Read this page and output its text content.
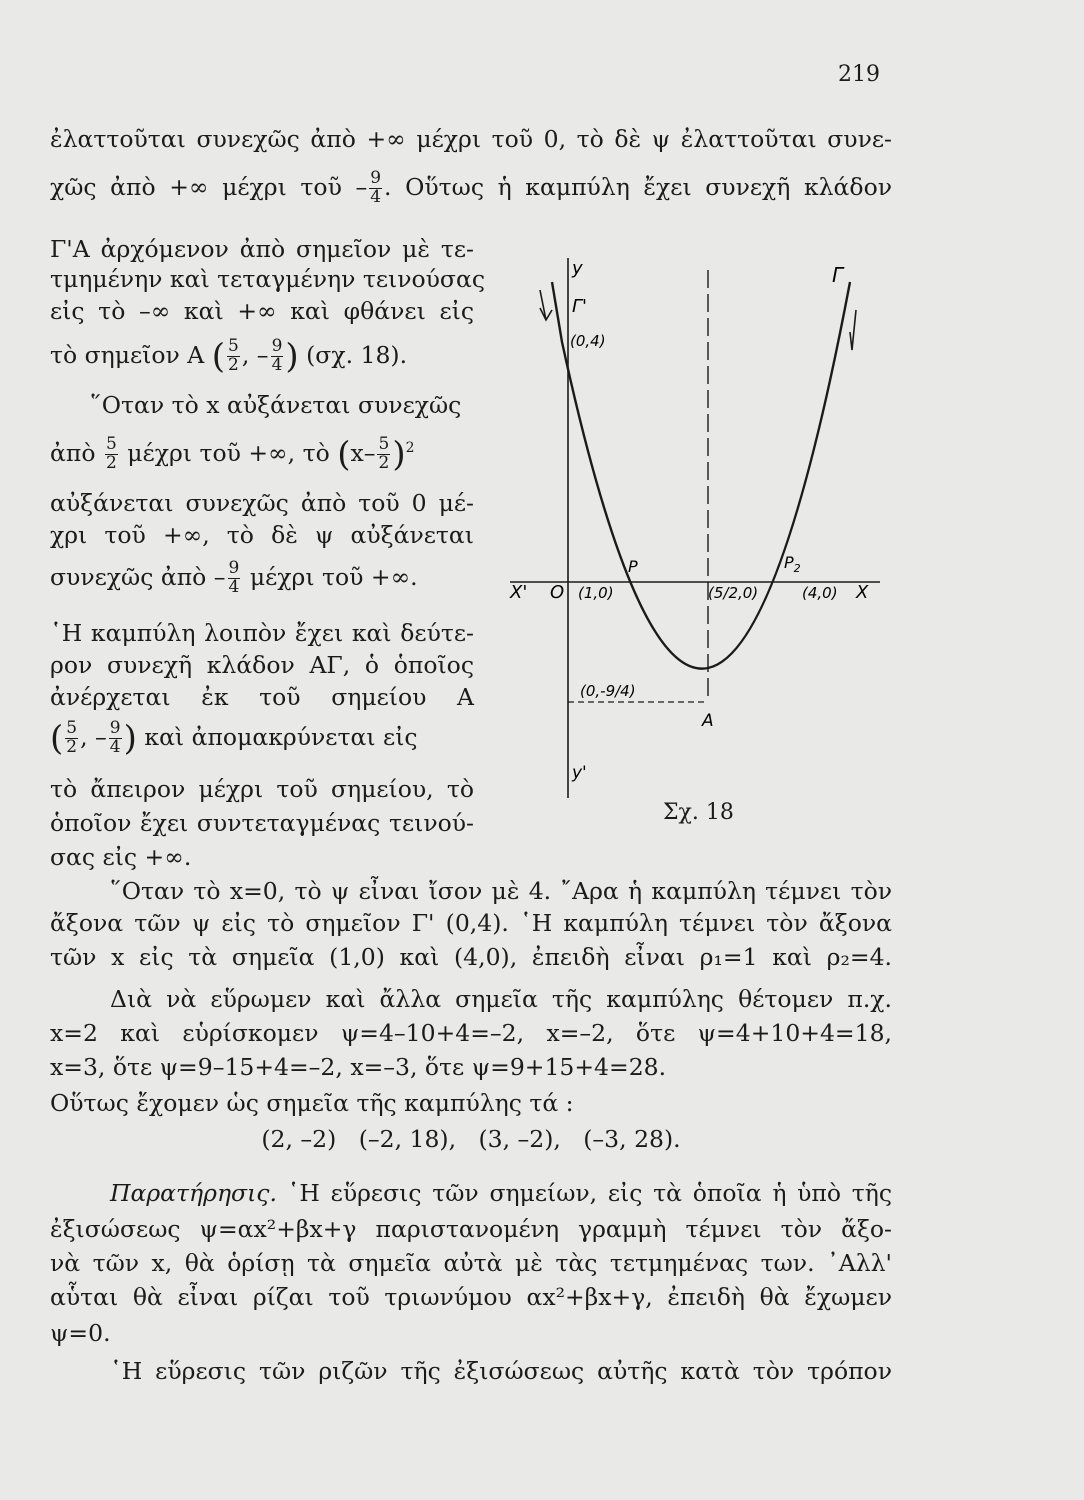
219
ἐλαττοῦται συνεχῶς ἀπὸ +∞ μέχρι τοῦ 0, τὸ δὲ ψ ἐλαττοῦται συνε-
χῶς ἀπὸ +∞ μέχρι τοῦ – $\frac{9}{4}$ . Οὕτως ἡ καμπύλη ἔχει συνεχῆ κλάδον
Γ'Α ἀρχόμενον ἀπὸ σημεῖον μὲ τε-
τμημένην καὶ τεταγμένην τεινούσας
εἰς τὸ –∞ καὶ +∞ καὶ φθάνει εἰς
τὸ σημεῖον Α ( $\frac{5}{2}$ , – $\frac{9}{4}$ ) (σχ. 18).
῞Οταν τὸ x αὐξάνεται συνεχῶς
ἀπὸ $\frac{5}{2}$ μέχρι τοῦ +∞, τὸ $(x- \frac{5}{2} )^2$
αὐξάνεται συνεχῶς ἀπὸ τοῦ 0 μέ-
χρι τοῦ +∞, τὸ δὲ ψ αὐξάνεται
συνεχῶς ἀπὸ – $\frac{9}{4}$ μέχρι τοῦ +∞.
῾Η καμπύλη λοιπὸν ἔχει καὶ δεύτε-
ρον συνεχῆ κλάδον ΑΓ, ὁ ὁποῖος
ἀνέρχεται ἐκ τοῦ σημείου Α
( $\frac{5}{2}$ , – $\frac{9}{4}$ ) καὶ ἀπομακρύνεται εἰς
τὸ ἄπειρον μέχρι τοῦ σημείου, τὸ
ὁποῖον ἔχει συντεταγμένας τεινού-
σας εἰς +∞.
῞Οταν τὸ x=0, τὸ ψ εἶναι ἴσον μὲ 4. ῎Αρα ἡ καμπύλη τέμνει τὸν
ἄξονα τῶν ψ εἰς τὸ σημεῖον Γ' (0,4). ῾Η καμπύλη τέμνει τὸν ἄξονα
τῶν x εἰς τὰ σημεῖα (1,0) καὶ (4,0), ἐπειδὴ εἶναι ρ₁=1 καὶ ρ₂=4.
Διὰ νὰ εὕρωμεν καὶ ἄλλα σημεῖα τῆς καμπύλης θέτομεν π.χ.
x=2 καὶ εὑρίσκομεν ψ=4–10+4=–2, x=–2, ὅτε ψ=4+10+4=18,
x=3, ὅτε ψ=9–15+4=–2, x=–3, ὅτε ψ=9+15+4=28.
Οὕτως ἔχομεν ὡς σημεῖα τῆς καμπύλης τά :
(2, –2)   (–2, 18),   (3, –2),   (–3, 28).
Παρατήρησις. ῾Η εὕρεσις τῶν σημείων, εἰς τὰ ὁποῖα ἡ ὑπὸ τῆς
ἐξισώσεως ψ=αx²+βx+γ παριστανομένη γραμμὴ τέμνει τὸν ἄξο-
νὰ τῶν x, θὰ ὁρίσῃ τὰ σημεῖα αὐτὰ μὲ τὰς τετμημένας των. ᾿Αλλ'
αὗται θὰ εἶναι ρίζαι τοῦ τριωνύμου αx²+βx+γ, ἐπειδὴ θὰ ἔχωμεν
ψ=0.
῾Η εὕρεσις τῶν ριζῶν τῆς ἐξισώσεως αὐτῆς κατὰ τὸν τρόπον
y
Γ'
(0,4)
Γ
X' O (1,0)	(5/2,0)	(4,0) X
P	$P_2$
(0,-9/4)
A
y'
Σχ. 18
